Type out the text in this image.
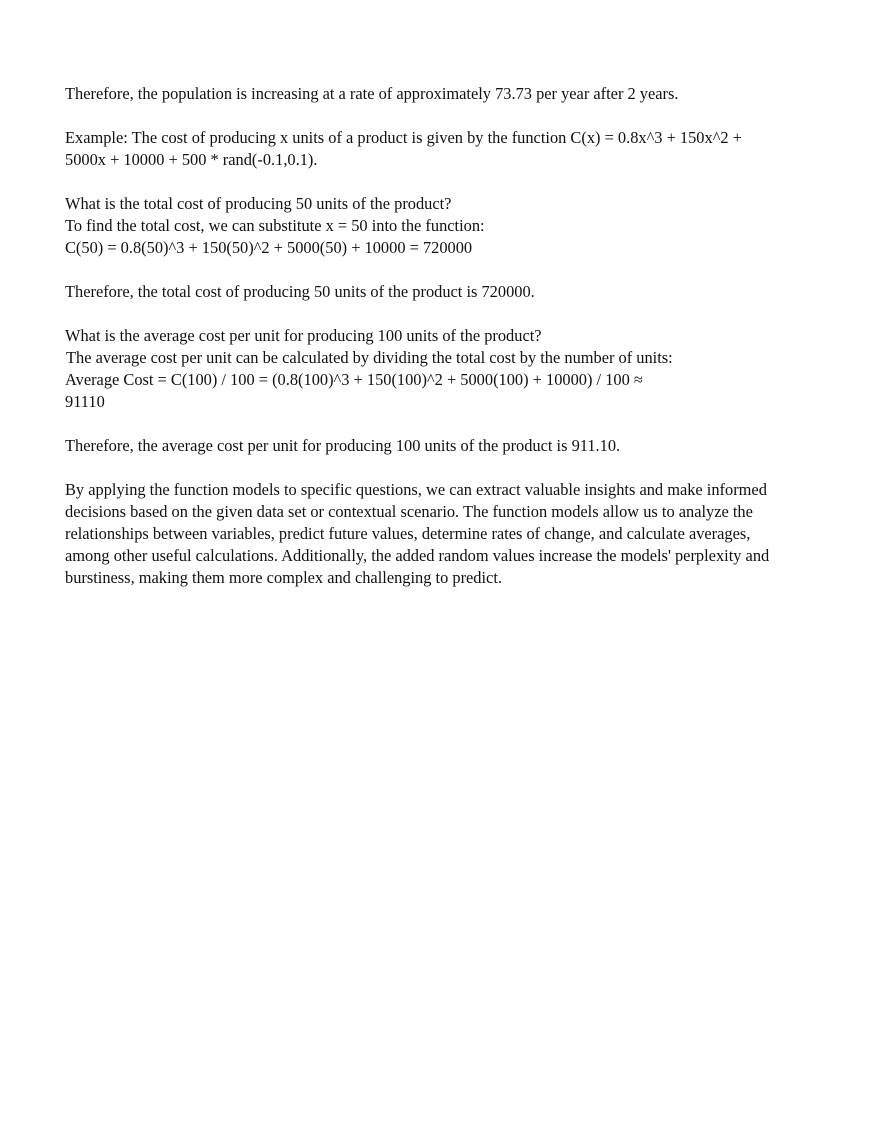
Therefore, the population is increasing at a rate of approximately 73.73 per year after 2 years.

Example: The cost of producing x units of a product is given by the function C(x) = 0.8x^3 + 150x^2 +
5000x + 10000 + 500 * rand(-0.1,0.1).

What is the total cost of producing 50 units of the product?
To find the total cost, we can substitute x = 50 into the function:
C(50) = 0.8(50)^3 + 150(50)^2 + 5000(50) + 10000 = 720000

Therefore, the total cost of producing 50 units of the product is 720000.

What is the average cost per unit for producing 100 units of the product?
The average cost per unit can be calculated by dividing the total cost by the number of units:
Average Cost = C(100) / 100 = (0.8(100)^3 + 150(100)^2 + 5000(100) + 10000) / 100 ≈
91110

Therefore, the average cost per unit for producing 100 units of the product is 911.10.

By applying the function models to specific questions, we can extract valuable insights and make informed
decisions based on the given data set or contextual scenario. The function models allow us to analyze the
relationships between variables, predict future values, determine rates of change, and calculate averages,
among other useful calculations. Additionally, the added random values increase the models' perplexity and
burstiness, making them more complex and challenging to predict.
